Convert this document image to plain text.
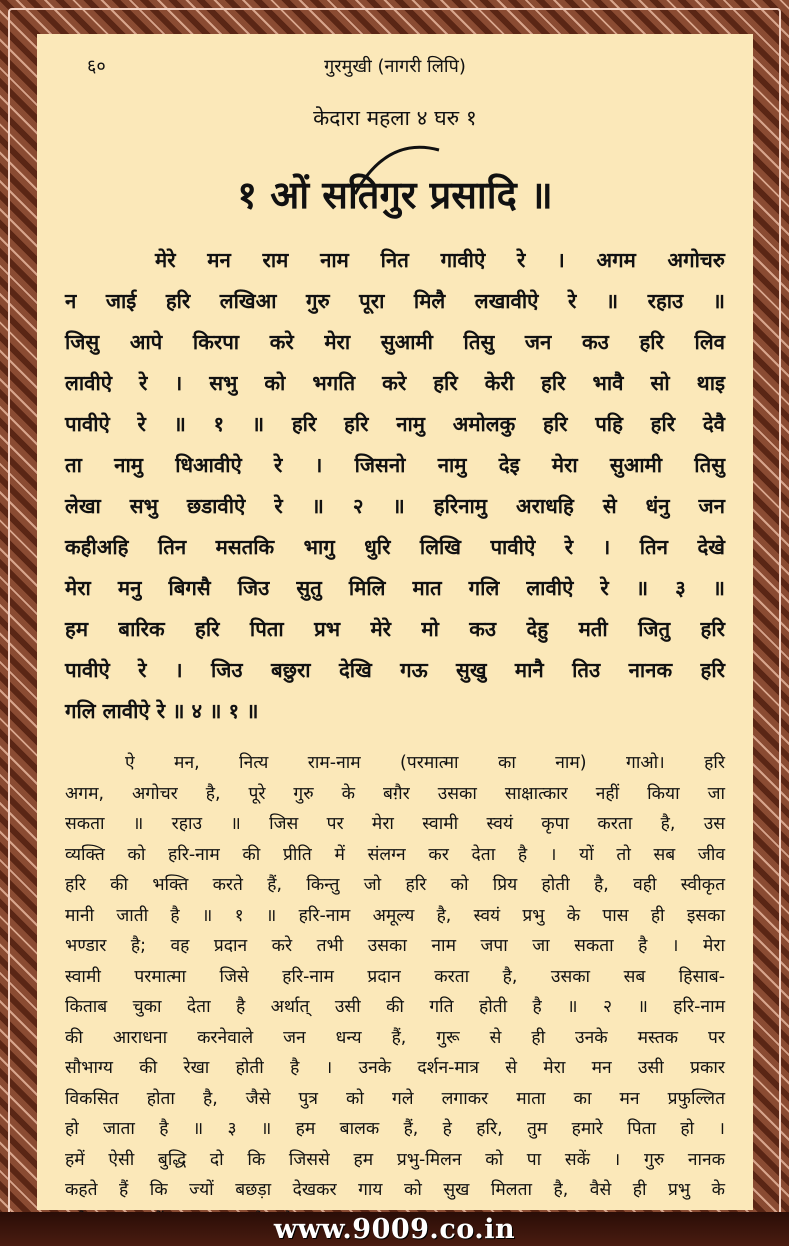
६०	गुरमुखी (नागरी लिपि)
केदारा महला ४ घरु १
१ ओं सतिगुर प्रसादि ॥
मेरे मन राम नाम नित गावीऐ रे । अगम अगोचरु
न जाई हरि लखिआ गुरु पूरा मिलै लखावीऐ रे ॥ रहाउ ॥
जिसु आपे किरपा करे मेरा सुआमी तिसु जन कउ हरि लिव
लावीऐ रे । सभु को भगति करे हरि केरी हरि भावै सो थाइ
पावीऐ रे ॥ १ ॥ हरि हरि नामु अमोलकु हरि पहि हरि देवै
ता नामु धिआवीऐ रे । जिसनो नामु देइ मेरा सुआमी तिसु
लेखा सभु छडावीऐ रे ॥ २ ॥ हरिनामु अराधहि से धंनु जन
कहीअहि तिन मसतकि भागु धुरि लिखि पावीऐ रे । तिन देखे
मेरा मनु बिगसै जिउ सुतु मिलि मात गलि लावीऐ रे ॥ ३ ॥
हम बारिक हरि पिता प्रभ मेरे मो कउ देहु मती जितु हरि
पावीऐ रे । जिउ बछुरा देखि गऊ सुखु मानै तिउ नानक हरि
गलि लावीऐ रे ॥ ४ ॥ १ ॥
ऐ मन, नित्य राम-नाम (परमात्मा का नाम) गाओ। हरि
अगम, अगोचर है, पूरे गुरु के बग़ैर उसका साक्षात्कार नहीं किया जा
सकता ॥ रहाउ ॥ जिस पर मेरा स्वामी स्वयं कृपा करता है, उस
व्यक्ति को हरि-नाम की प्रीति में संलग्न कर देता है । यों तो सब जीव
हरि की भक्ति करते हैं, किन्तु जो हरि को प्रिय होती है, वही स्वीकृत
मानी जाती है ॥ १ ॥ हरि-नाम अमूल्य है, स्वयं प्रभु के पास ही इसका
भण्डार है; वह प्रदान करे तभी उसका नाम जपा जा सकता है । मेरा
स्वामी परमात्मा जिसे हरि-नाम प्रदान करता है, उसका सब हिसाब-
किताब चुका देता है अर्थात् उसी की गति होती है ॥ २ ॥ हरि-नाम
की आराधना करनेवाले जन धन्य हैं, गुरू से ही उनके मस्तक पर
सौभाग्य की रेखा होती है । उनके दर्शन-मात्र से मेरा मन उसी प्रकार
विकसित होता है, जैसे पुत्र को गले लगाकर माता का मन प्रफुल्लित
हो जाता है ॥ ३ ॥ हम बालक हैं, हे हरि, तुम हमारे पिता हो ।
हमें ऐसी बुद्धि दो कि जिससे हम प्रभु-मिलन को पा सकें । गुरु नानक
कहते हैं कि ज्यों बछड़ा देखकर गाय को सुख मिलता है, वैसे ही प्रभु के
www.9009.co.in
